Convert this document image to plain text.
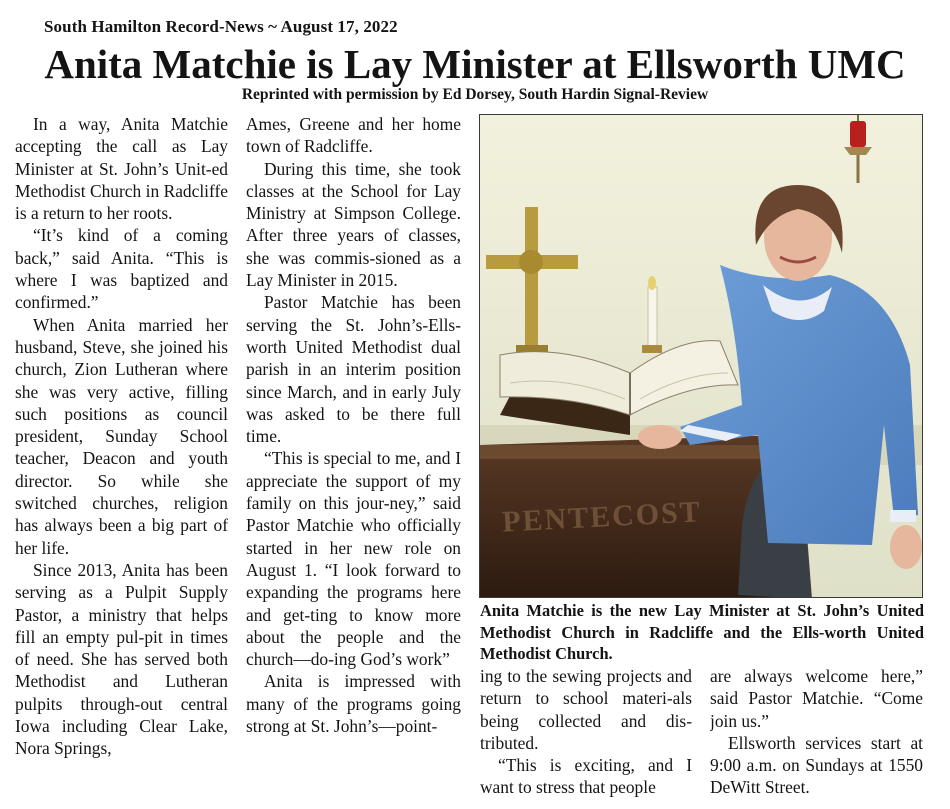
South Hamilton Record-News ~ August 17, 2022
Anita Matchie is Lay Minister at Ellsworth UMC
Reprinted with permission by Ed Dorsey, South Hardin Signal-Review

In a way, Anita Matchie accepting the call as Lay Minister at St. John’s Unit-ed Methodist Church in Radcliffe is a return to her roots.

“It’s kind of a coming back,” said Anita. “This is where I was baptized and confirmed.”

When Anita married her husband, Steve, she joined his church, Zion Lutheran where she was very active, filling such positions as council president, Sunday School teacher, Deacon and youth director. So while she switched churches, religion has always been a big part of her life.

Since 2013, Anita has been serving as a Pulpit Supply Pastor, a ministry that helps fill an empty pul-pit in times of need. She has served both Methodist and Lutheran pulpits through-out central Iowa including Clear Lake, Nora Springs,

Ames, Greene and her home town of Radcliffe.

During this time, she took classes at the School for Lay Ministry at Simpson College. After three years of classes, she was commis-sioned as a Lay Minister in 2015.

Pastor Matchie has been serving the St. John’s-Ells-worth United Methodist dual parish in an interim position since March, and in early July was asked to be there full time.

“This is special to me, and I appreciate the support of my family on this jour-ney,” said Pastor Matchie who officially started in her new role on August 1. “I look forward to expanding the programs here and get-ting to know more about the people and the church—do-ing God’s work”

Anita is impressed with many of the programs going strong at St. John’s—point-

PENTECOST
Anita Matchie is the new Lay Minister at St. John’s United Methodist Church in Radcliffe and the Ells-worth United Methodist Church.

ing to the sewing projects and return to school materi-als being collected and dis-tributed.

“This is exciting, and I want to stress that people

are always welcome here,” said Pastor Matchie. “Come join us.”

Ellsworth services start at 9:00 a.m. on Sundays at 1550 DeWitt Street.
